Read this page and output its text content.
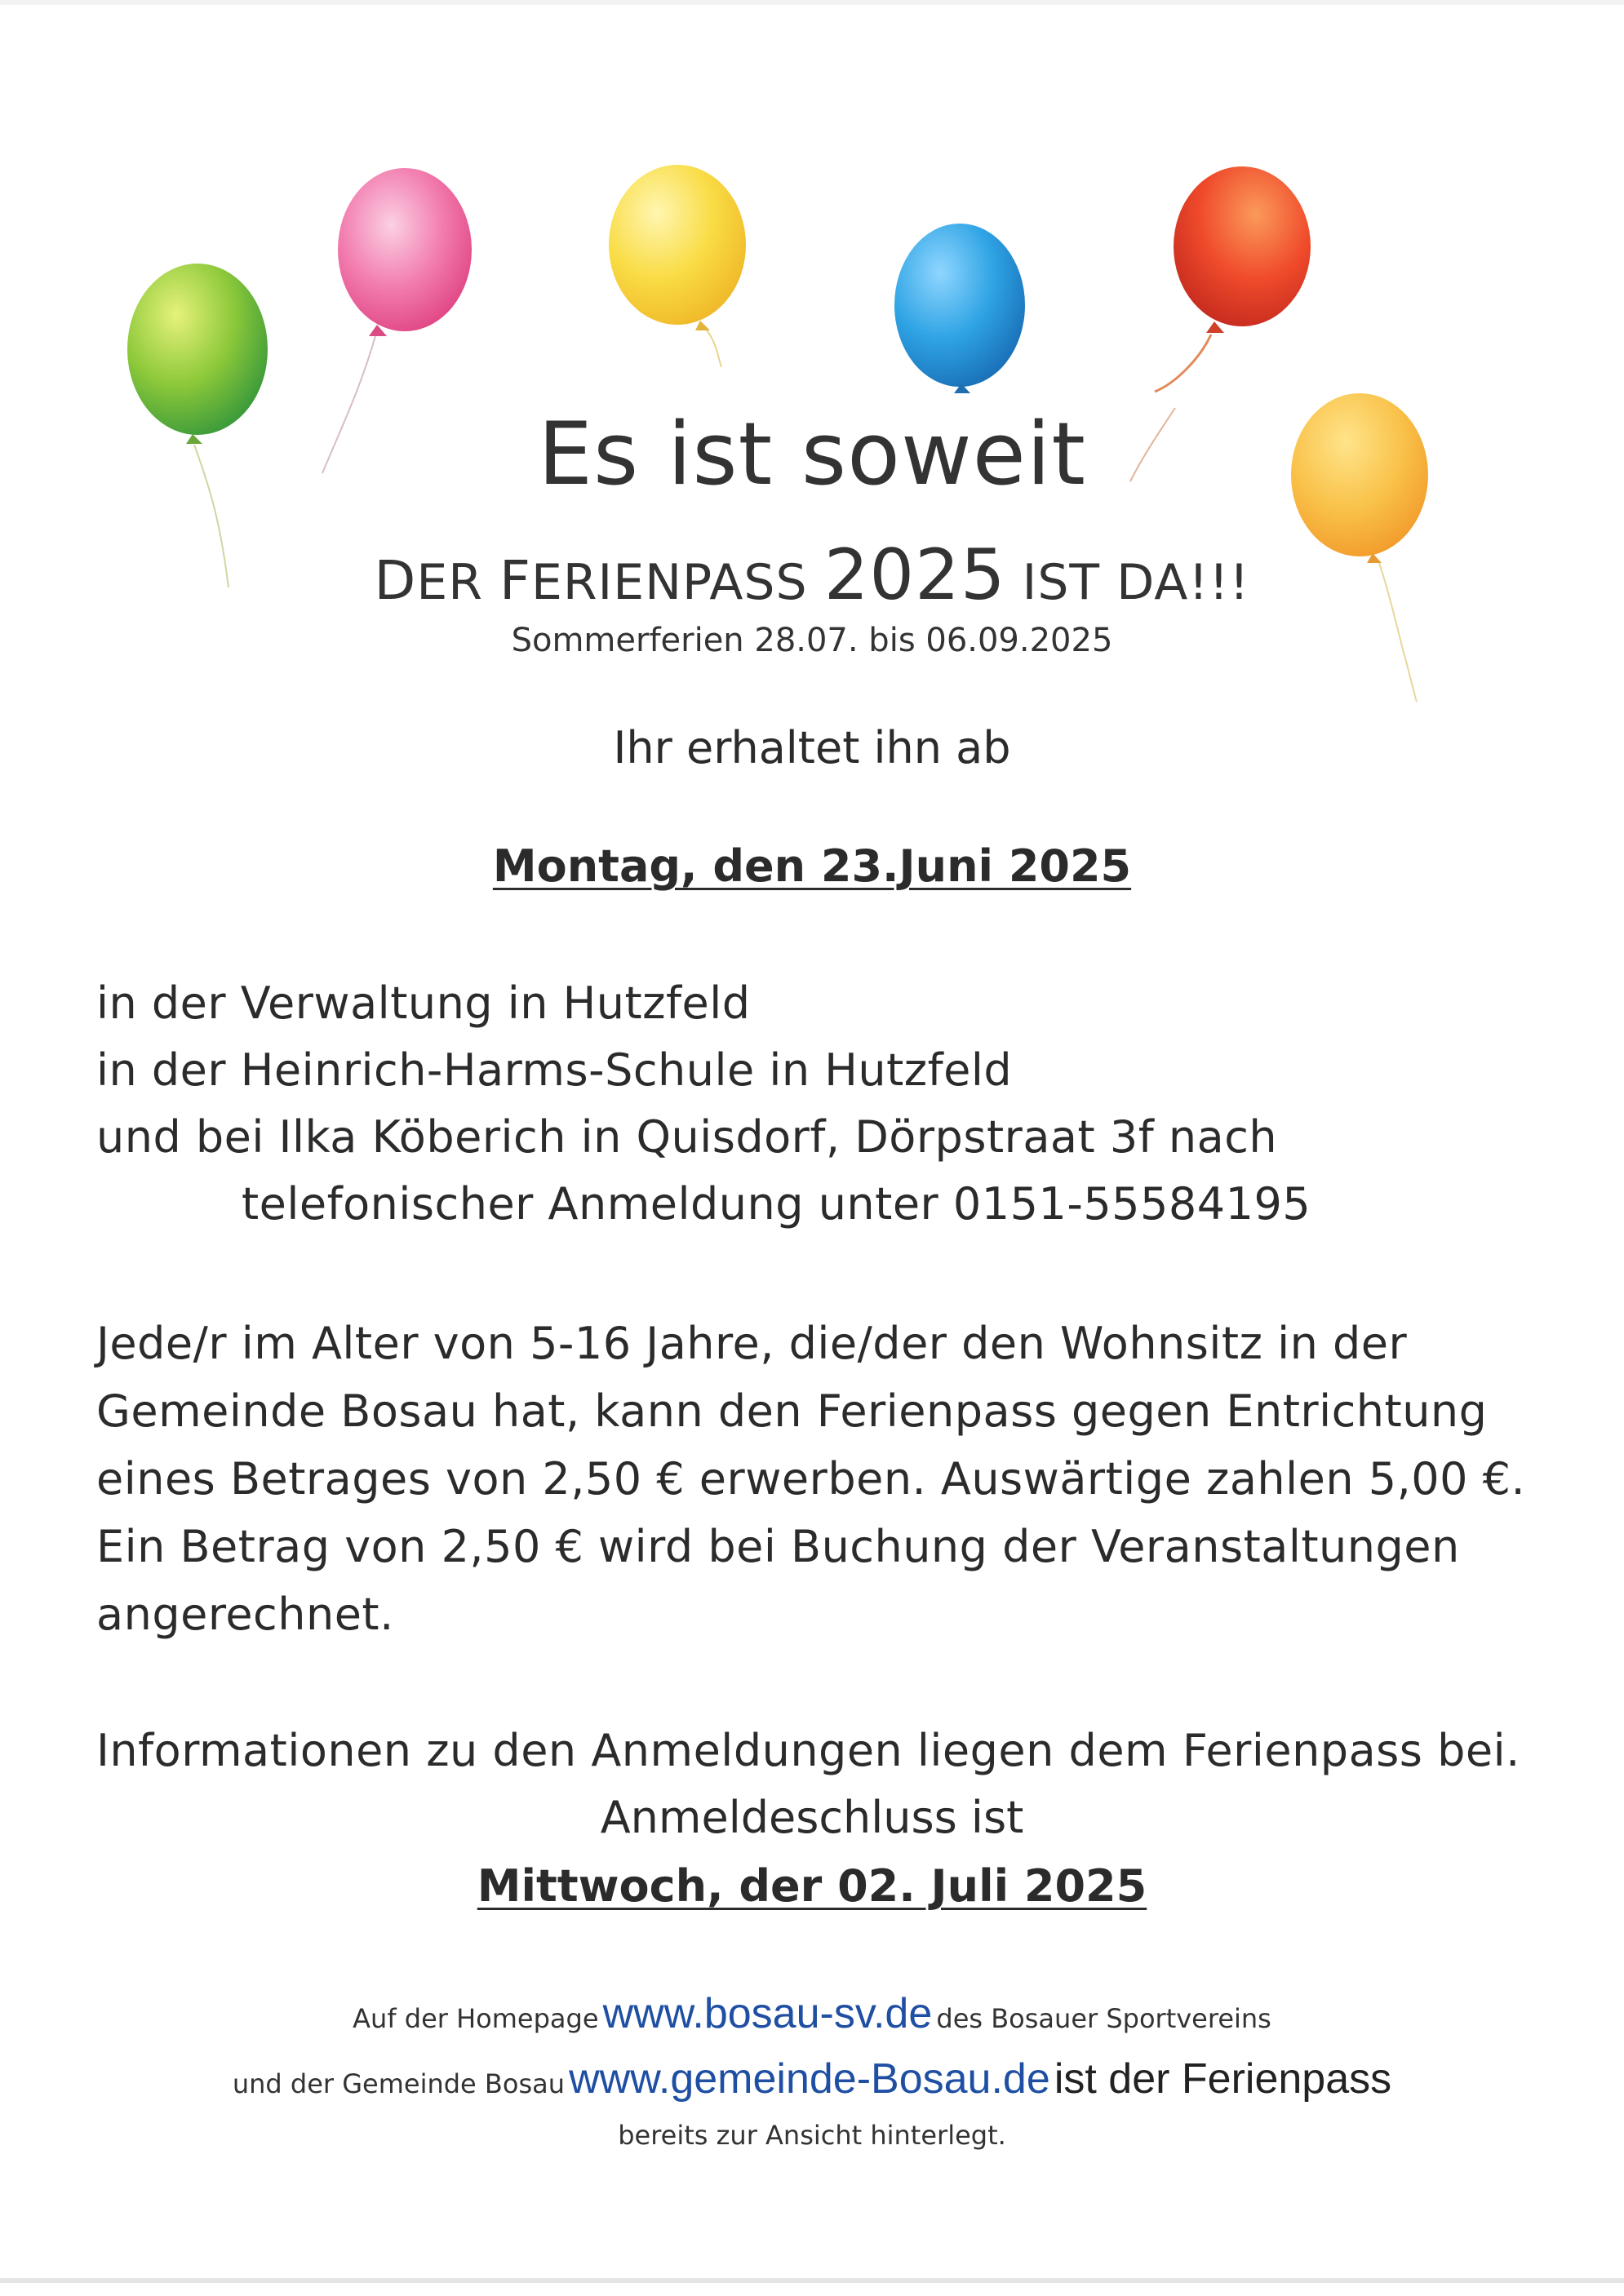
Es ist soweit
DER FERIENPASS 2025 IST DA!!!
Sommerferien 28.07. bis 06.09.2025
Ihr erhaltet ihn ab
Montag, den 23.Juni 2025
in der Verwaltung in Hutzfeld
in der Heinrich-Harms-Schule in Hutzfeld
und bei Ilka Köberich in Quisdorf, Dörpstraat 3f nach
telefonischer Anmeldung unter 0151-55584195
Jede/r im Alter von 5-16 Jahre, die/der den Wohnsitz in der
Gemeinde Bosau hat, kann den Ferienpass gegen Entrichtung
eines Betrages von 2,50 € erwerben. Auswärtige zahlen 5,00 €.
Ein Betrag von 2,50 € wird bei Buchung der Veranstaltungen
angerechnet.
Informationen zu den Anmeldungen liegen dem Ferienpass bei.
Anmeldeschluss ist
Mittwoch, der 02. Juli 2025
Auf der Homepage www.bosau-sv.de des Bosauer Sportvereins
und der Gemeinde Bosau www.gemeinde-Bosau.de ist der Ferienpass
bereits zur Ansicht hinterlegt.
